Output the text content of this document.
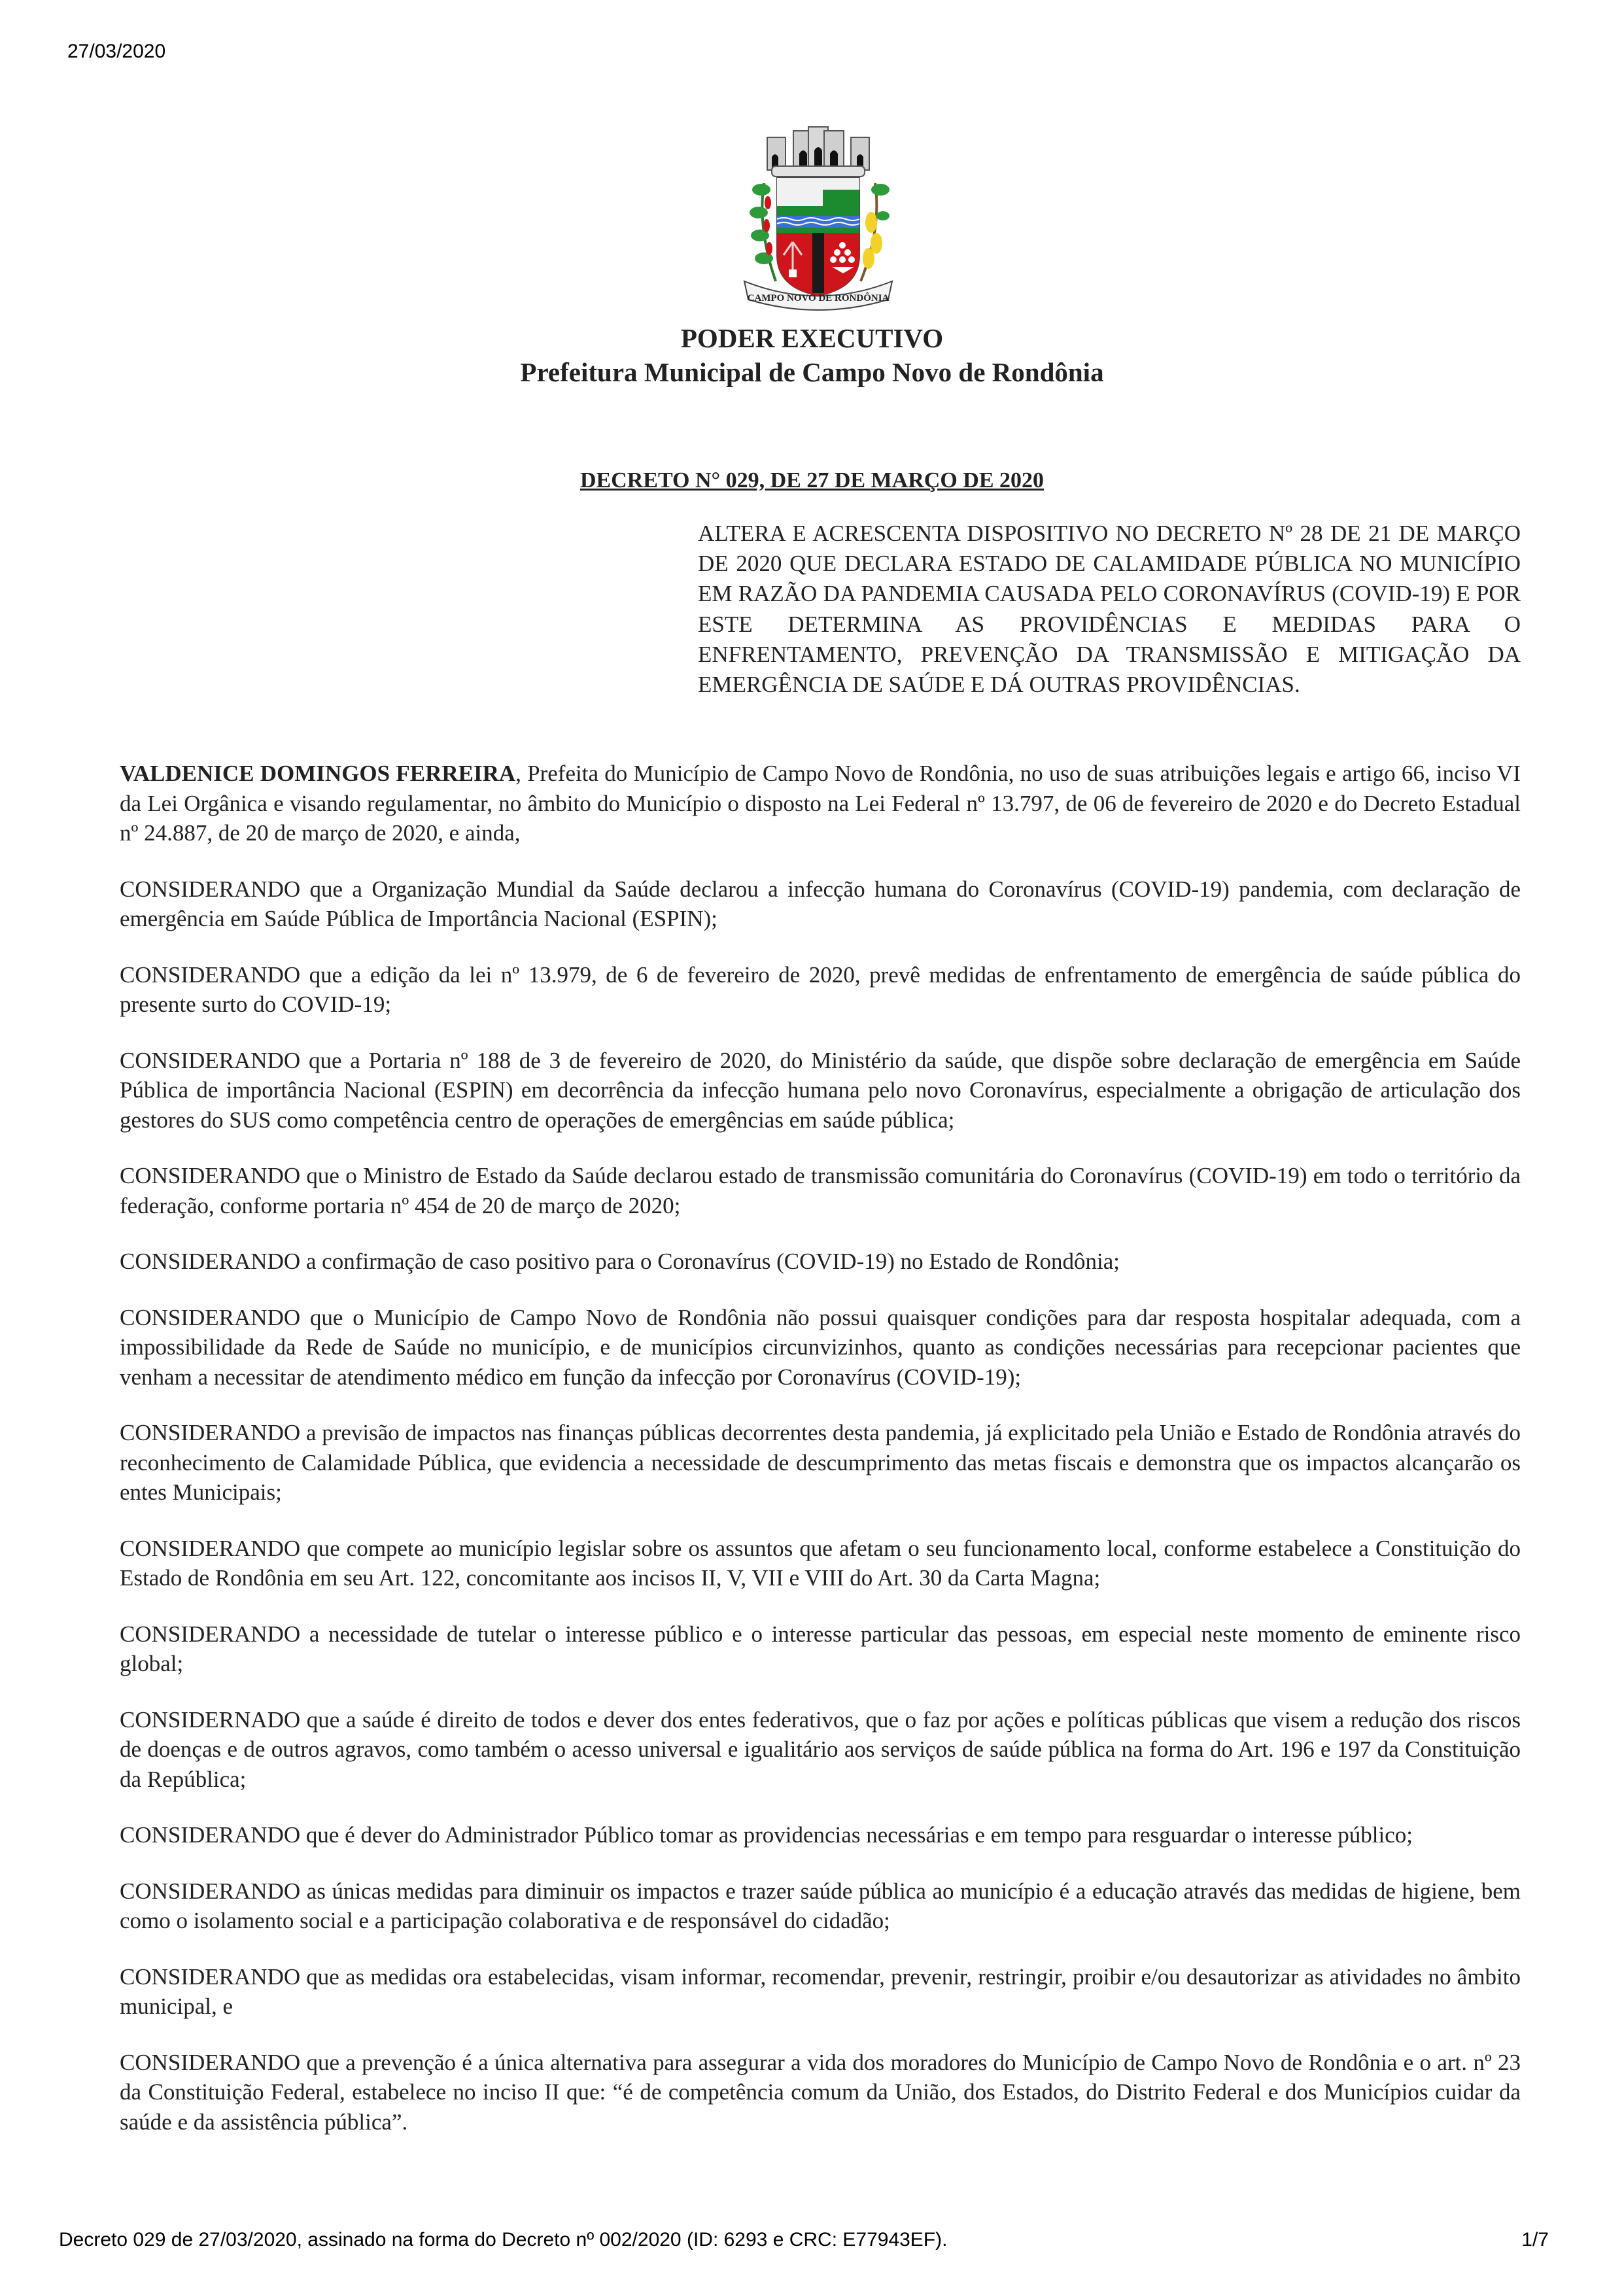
27/03/2020
CAMPO NOVO DE RONDÔNIA
PODER EXECUTIVO
Prefeitura Municipal de Campo Novo de Rondônia
DECRETO N° 029, DE 27 DE MARÇO DE 2020
ALTERA E ACRESCENTA DISPOSITIVO NO DECRETO Nº 28 DE 21 DE MARÇO DE 2020 QUE DECLARA ESTADO DE CALAMIDADE PÚBLICA NO MUNICÍPIO EM RAZÃO DA PANDEMIA CAUSADA PELO CORONAVÍRUS (COVID-19) E POR ESTE DETERMINA AS PROVIDÊNCIAS E MEDIDAS PARA O ENFRENTAMENTO, PREVENÇÃO DA TRANSMISSÃO E MITIGAÇÃO DA EMERGÊNCIA DE SAÚDE E DÁ OUTRAS PROVIDÊNCIAS.

VALDENICE DOMINGOS FERREIRA, Prefeita do Município de Campo Novo de Rondônia, no uso de suas atribuições legais e artigo 66, inciso VI da Lei Orgânica e visando regulamentar, no âmbito do Município o disposto na Lei Federal nº 13.797, de 06 de fevereiro de 2020 e do Decreto Estadual nº 24.887, de 20 de março de 2020, e ainda,

CONSIDERANDO que a Organização Mundial da Saúde declarou a infecção humana do Coronavírus (COVID-19) pandemia, com declaração de emergência em Saúde Pública de Importância Nacional (ESPIN);

CONSIDERANDO que a edição da lei nº 13.979, de 6 de fevereiro de 2020, prevê medidas de enfrentamento de emergência de saúde pública do presente surto do COVID-19;

CONSIDERANDO que a Portaria nº 188 de 3 de fevereiro de 2020, do Ministério da saúde, que dispõe sobre declaração de emergência em Saúde Pública de importância Nacional (ESPIN) em decorrência da infecção humana pelo novo Coronavírus, especialmente a obrigação de articulação dos gestores do SUS como competência centro de operações de emergências em saúde pública;

CONSIDERANDO que o Ministro de Estado da Saúde declarou estado de transmissão comunitária do Coronavírus (COVID-19) em todo o território da federação, conforme portaria nº 454 de 20 de março de 2020;

CONSIDERANDO a confirmação de caso positivo para o Coronavírus (COVID-19) no Estado de Rondônia;

CONSIDERANDO que o Município de Campo Novo de Rondônia não possui quaisquer condições para dar resposta hospitalar adequada, com a impossibilidade da Rede de Saúde no município, e de municípios circunvizinhos, quanto as condições necessárias para recepcionar pacientes que venham a necessitar de atendimento médico em função da infecção por Coronavírus (COVID-19);

CONSIDERANDO a previsão de impactos nas finanças públicas decorrentes desta pandemia, já explicitado pela União e Estado de Rondônia através do reconhecimento de Calamidade Pública, que evidencia a necessidade de descumprimento das metas fiscais e demonstra que os impactos alcançarão os entes Municipais;

CONSIDERANDO que compete ao município legislar sobre os assuntos que afetam o seu funcionamento local, conforme estabelece a Constituição do Estado de Rondônia em seu Art. 122, concomitante aos incisos II, V, VII e VIII do Art. 30 da Carta Magna;

CONSIDERANDO a necessidade de tutelar o interesse público e o interesse particular das pessoas, em especial neste momento de eminente risco global;

CONSIDERNADO que a saúde é direito de todos e dever dos entes federativos, que o faz por ações e políticas públicas que visem a redução dos riscos de doenças e de outros agravos, como também o acesso universal e igualitário aos serviços de saúde pública na forma do Art. 196 e 197 da Constituição da República;

CONSIDERANDO que é dever do Administrador Público tomar as providencias necessárias e em tempo para resguardar o interesse público;

CONSIDERANDO as únicas medidas para diminuir os impactos e trazer saúde pública ao município é a educação através das medidas de higiene, bem como o isolamento social e a participação colaborativa e de responsável do cidadão;

CONSIDERANDO que as medidas ora estabelecidas, visam informar, recomendar, prevenir, restringir, proibir e/ou desautorizar as atividades no âmbito municipal, e

CONSIDERANDO que a prevenção é a única alternativa para assegurar a vida dos moradores do Município de Campo Novo de Rondônia e o art. nº 23 da Constituição Federal, estabelece no inciso II que: “é de competência comum da União, dos Estados, do Distrito Federal e dos Municípios cuidar da saúde e da assistência pública”.

Decreto 029 de 27/03/2020, assinado na forma do Decreto nº 002/2020 (ID: 6293 e CRC: E77943EF).	1/7
